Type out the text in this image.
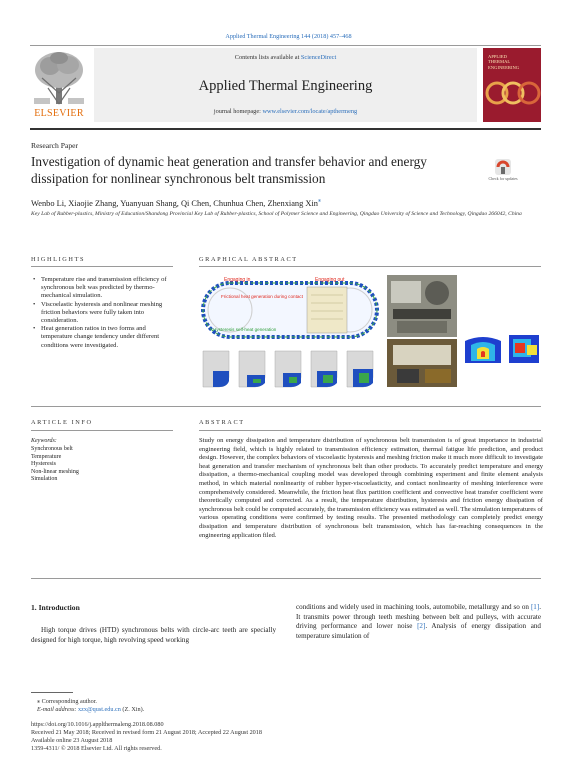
Applied Thermal Engineering 144 (2018) 457–468
ELSEVIER
Contents lists available at ScienceDirect
Applied Thermal Engineering
journal homepage: www.elsevier.com/locate/apthermeng
APPLIED
THERMAL
ENGINEERING
Research Paper
Investigation of dynamic heat generation and transfer behavior and energy dissipation for nonlinear synchronous belt transmission	Check for updates
Wenbo Li, Xiaojie Zhang, Yuanyuan Shang, Qi Chen, Chunhua Chen, Zhenxiang Xin⁎
Key Lab of Rubber-plastics, Ministry of Education/Shandong Provincial Key Lab of Rubber-plastics, School of Polymer Science and Engineering, Qingdao University of Science and Technology, Qingdao 266042, China
HIGHLIGHTS	GRAPHICAL ABSTRACT
• Temperature rise and transmission efficiency of synchronous belt was predicted by thermo-mechanical simulation.
• Viscoelastic hysteresis and nonlinear meshing friction behaviors were fully taken into consideration.
• Heat generation ratios in two forms and temperature change tendency under different conditions were investigated.
Engaging in	Engaging out
Frictional heat generation during contact
Hysteresis self-heat generation
ARTICLE INFO	ABSTRACT
Keywords:
Synchronous belt
Temperature
Hysteresis
Non-linear meshing
Simulation
Study on energy dissipation and temperature distribution of synchronous belt transmission is of great importance in industrial engineering field, which is highly related to transmission efficiency estimation, thermal fatigue life prediction, and product design. However, the complex behaviors of viscoelastic hysteresis and meshing friction make it much more difficult to investigate heat generation and transfer mechanism of synchronous belt than other products. To accurately predict temperature and energy dissipation, a thermo-mechanical coupling model was developed through combining experiment and finite element analysis method, in which material nonlinearity of rubber hyper-viscoelasticity, and contact nonlinearity of meshing interference were comprehensively considered. Meanwhile, the friction heat flux partition coefficient and convective heat transfer coefficient were theoretically computed and corrected. As a result, the temperature distribution, hysteresis and friction energy dissipation of synchronous belt could be computed accurately, the transmission efficiency was estimated as well. The simulation temperatures of various operating conditions were confirmed by testing results. The presented methodology can completely predict energy dissipation and temperature distribution of synchronous belt transmission, which has far-reaching consequences in the engineering application filed.
1. Introduction
High torque drives (HTD) synchronous belts with circle-arc teeth are specially designed for high torque, high revolving speed working
conditions and widely used in machining tools, automobile, metallurgy and so on [1]. It transmits power through teeth meshing between belt and pulleys, with accurate driving performance and lower noise [2]. Analysis of energy dissipation and temperature simulation of
⁎ Corresponding author.
E-mail address: xzx@qust.edu.cn (Z. Xin).
https://doi.org/10.1016/j.applthermaleng.2018.08.080
Received 21 May 2018; Received in revised form 21 August 2018; Accepted 22 August 2018
Available online 23 August 2018
1359-4311/ © 2018 Elsevier Ltd. All rights reserved.
